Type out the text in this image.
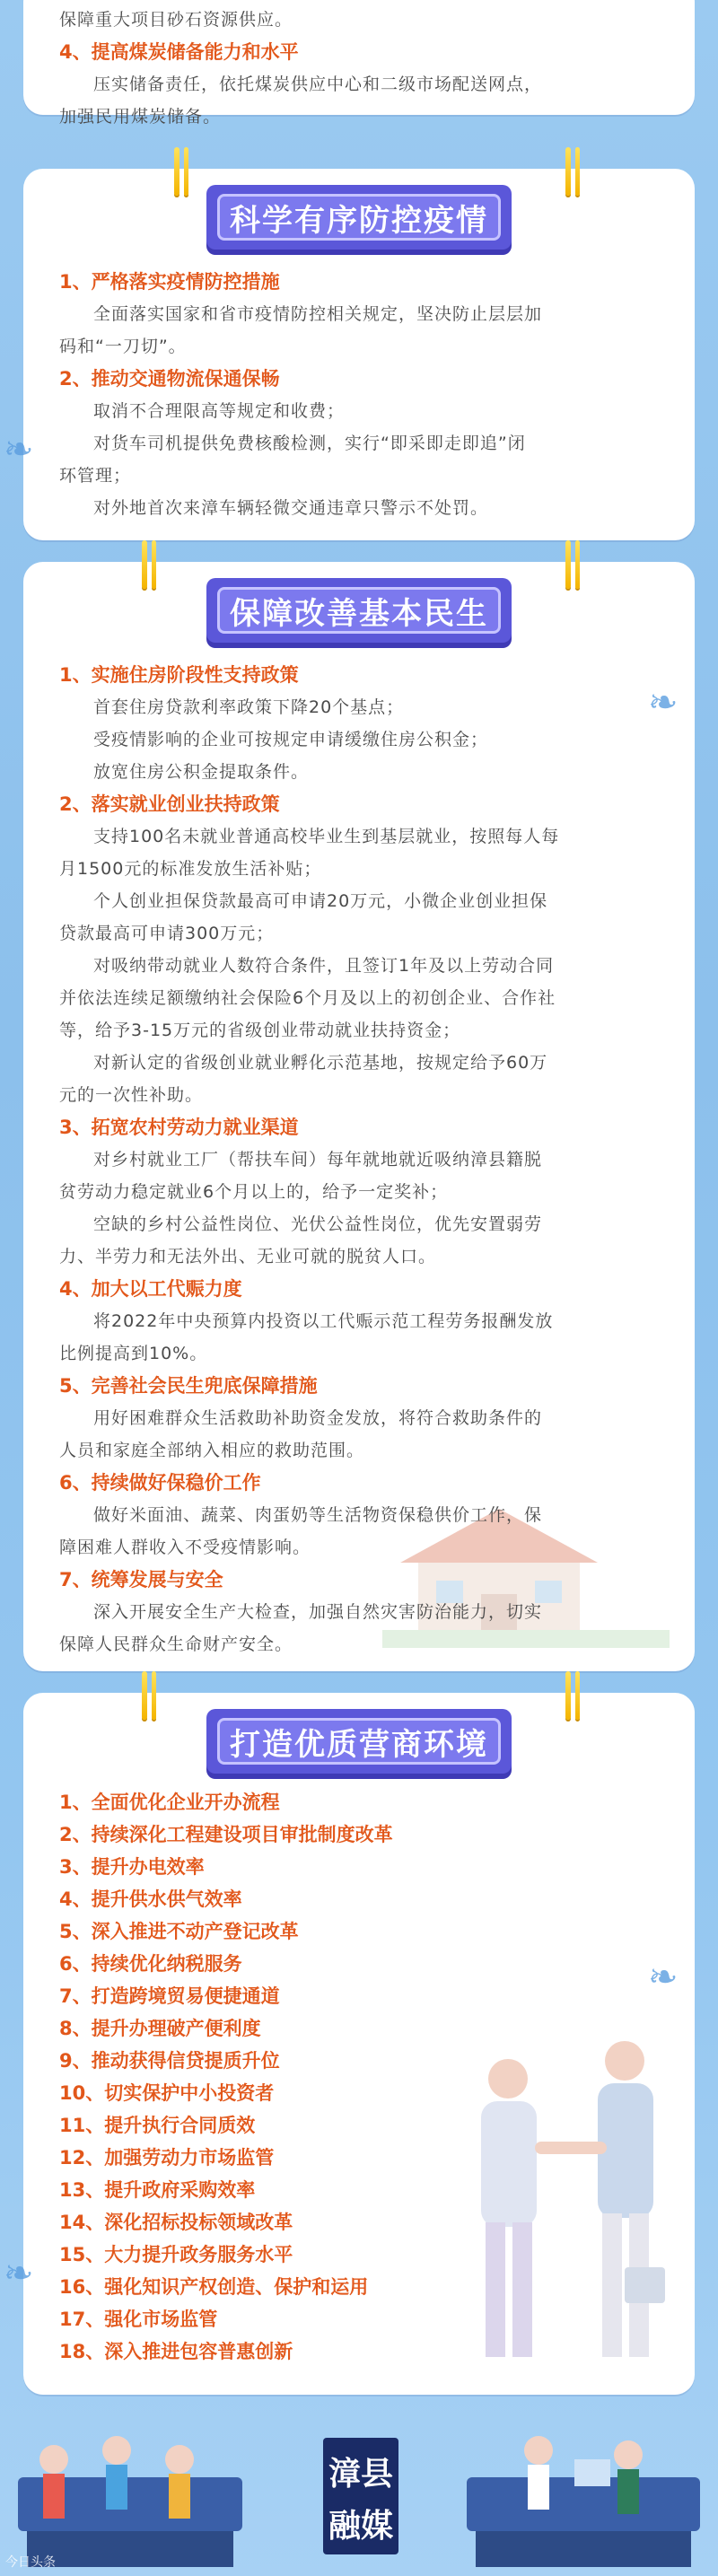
保障重大项目砂石资源供应。

4、提高煤炭储备能力和水平

压实储备责任，依托煤炭供应中心和二级市场配送网点，

加强民用煤炭储备。

科学有序防控疫情

1、严格落实疫情防控措施

全面落实国家和省市疫情防控相关规定，坚决防止层层加

码和“一刀切”。

2、推动交通物流保通保畅

取消不合理限高等规定和收费；

对货车司机提供免费核酸检测，实行“即采即走即追”闭

环管理；

对外地首次来漳车辆轻微交通违章只警示不处罚。

保障改善基本民生

1、实施住房阶段性支持政策

首套住房贷款利率政策下降20个基点；

受疫情影响的企业可按规定申请缓缴住房公积金；

放宽住房公积金提取条件。

2、落实就业创业扶持政策

支持100名未就业普通高校毕业生到基层就业，按照每人每

月1500元的标准发放生活补贴；

个人创业担保贷款最高可申请20万元，小微企业创业担保

贷款最高可申请300万元；

对吸纳带动就业人数符合条件，且签订1年及以上劳动合同

并依法连续足额缴纳社会保险6个月及以上的初创企业、合作社

等，给予3-15万元的省级创业带动就业扶持资金；

对新认定的省级创业就业孵化示范基地，按规定给予60万

元的一次性补助。

3、拓宽农村劳动力就业渠道

对乡村就业工厂（帮扶车间）每年就地就近吸纳漳县籍脱

贫劳动力稳定就业6个月以上的，给予一定奖补；

空缺的乡村公益性岗位、光伏公益性岗位，优先安置弱劳

力、半劳力和无法外出、无业可就的脱贫人口。

4、加大以工代赈力度

将2022年中央预算内投资以工代赈示范工程劳务报酬发放

比例提高到10%。

5、完善社会民生兜底保障措施

用好困难群众生活救助补助资金发放，将符合救助条件的

人员和家庭全部纳入相应的救助范围。

6、持续做好保稳价工作

做好米面油、蔬菜、肉蛋奶等生活物资保稳供价工作，保

障困难人群收入不受疫情影响。

7、统筹发展与安全

深入开展安全生产大检查，加强自然灾害防治能力，切实

保障人民群众生命财产安全。

打造优质营商环境

1、全面优化企业开办流程

2、持续深化工程建设项目审批制度改革

3、提升办电效率

4、提升供水供气效率

5、深入推进不动产登记改革

6、持续优化纳税服务

7、打造跨境贸易便捷通道

8、提升办理破产便利度

9、推动获得信贷提质升位

10、切实保护中小投资者

11、提升执行合同质效

12、加强劳动力市场监管

13、提升政府采购效率

14、深化招标投标领域改革

15、大力提升政务服务水平

16、强化知识产权创造、保护和运用

17、强化市场监管

18、深入推进包容普惠创新

❧
❧
❧
❧
漳县
融媒
今日头条
